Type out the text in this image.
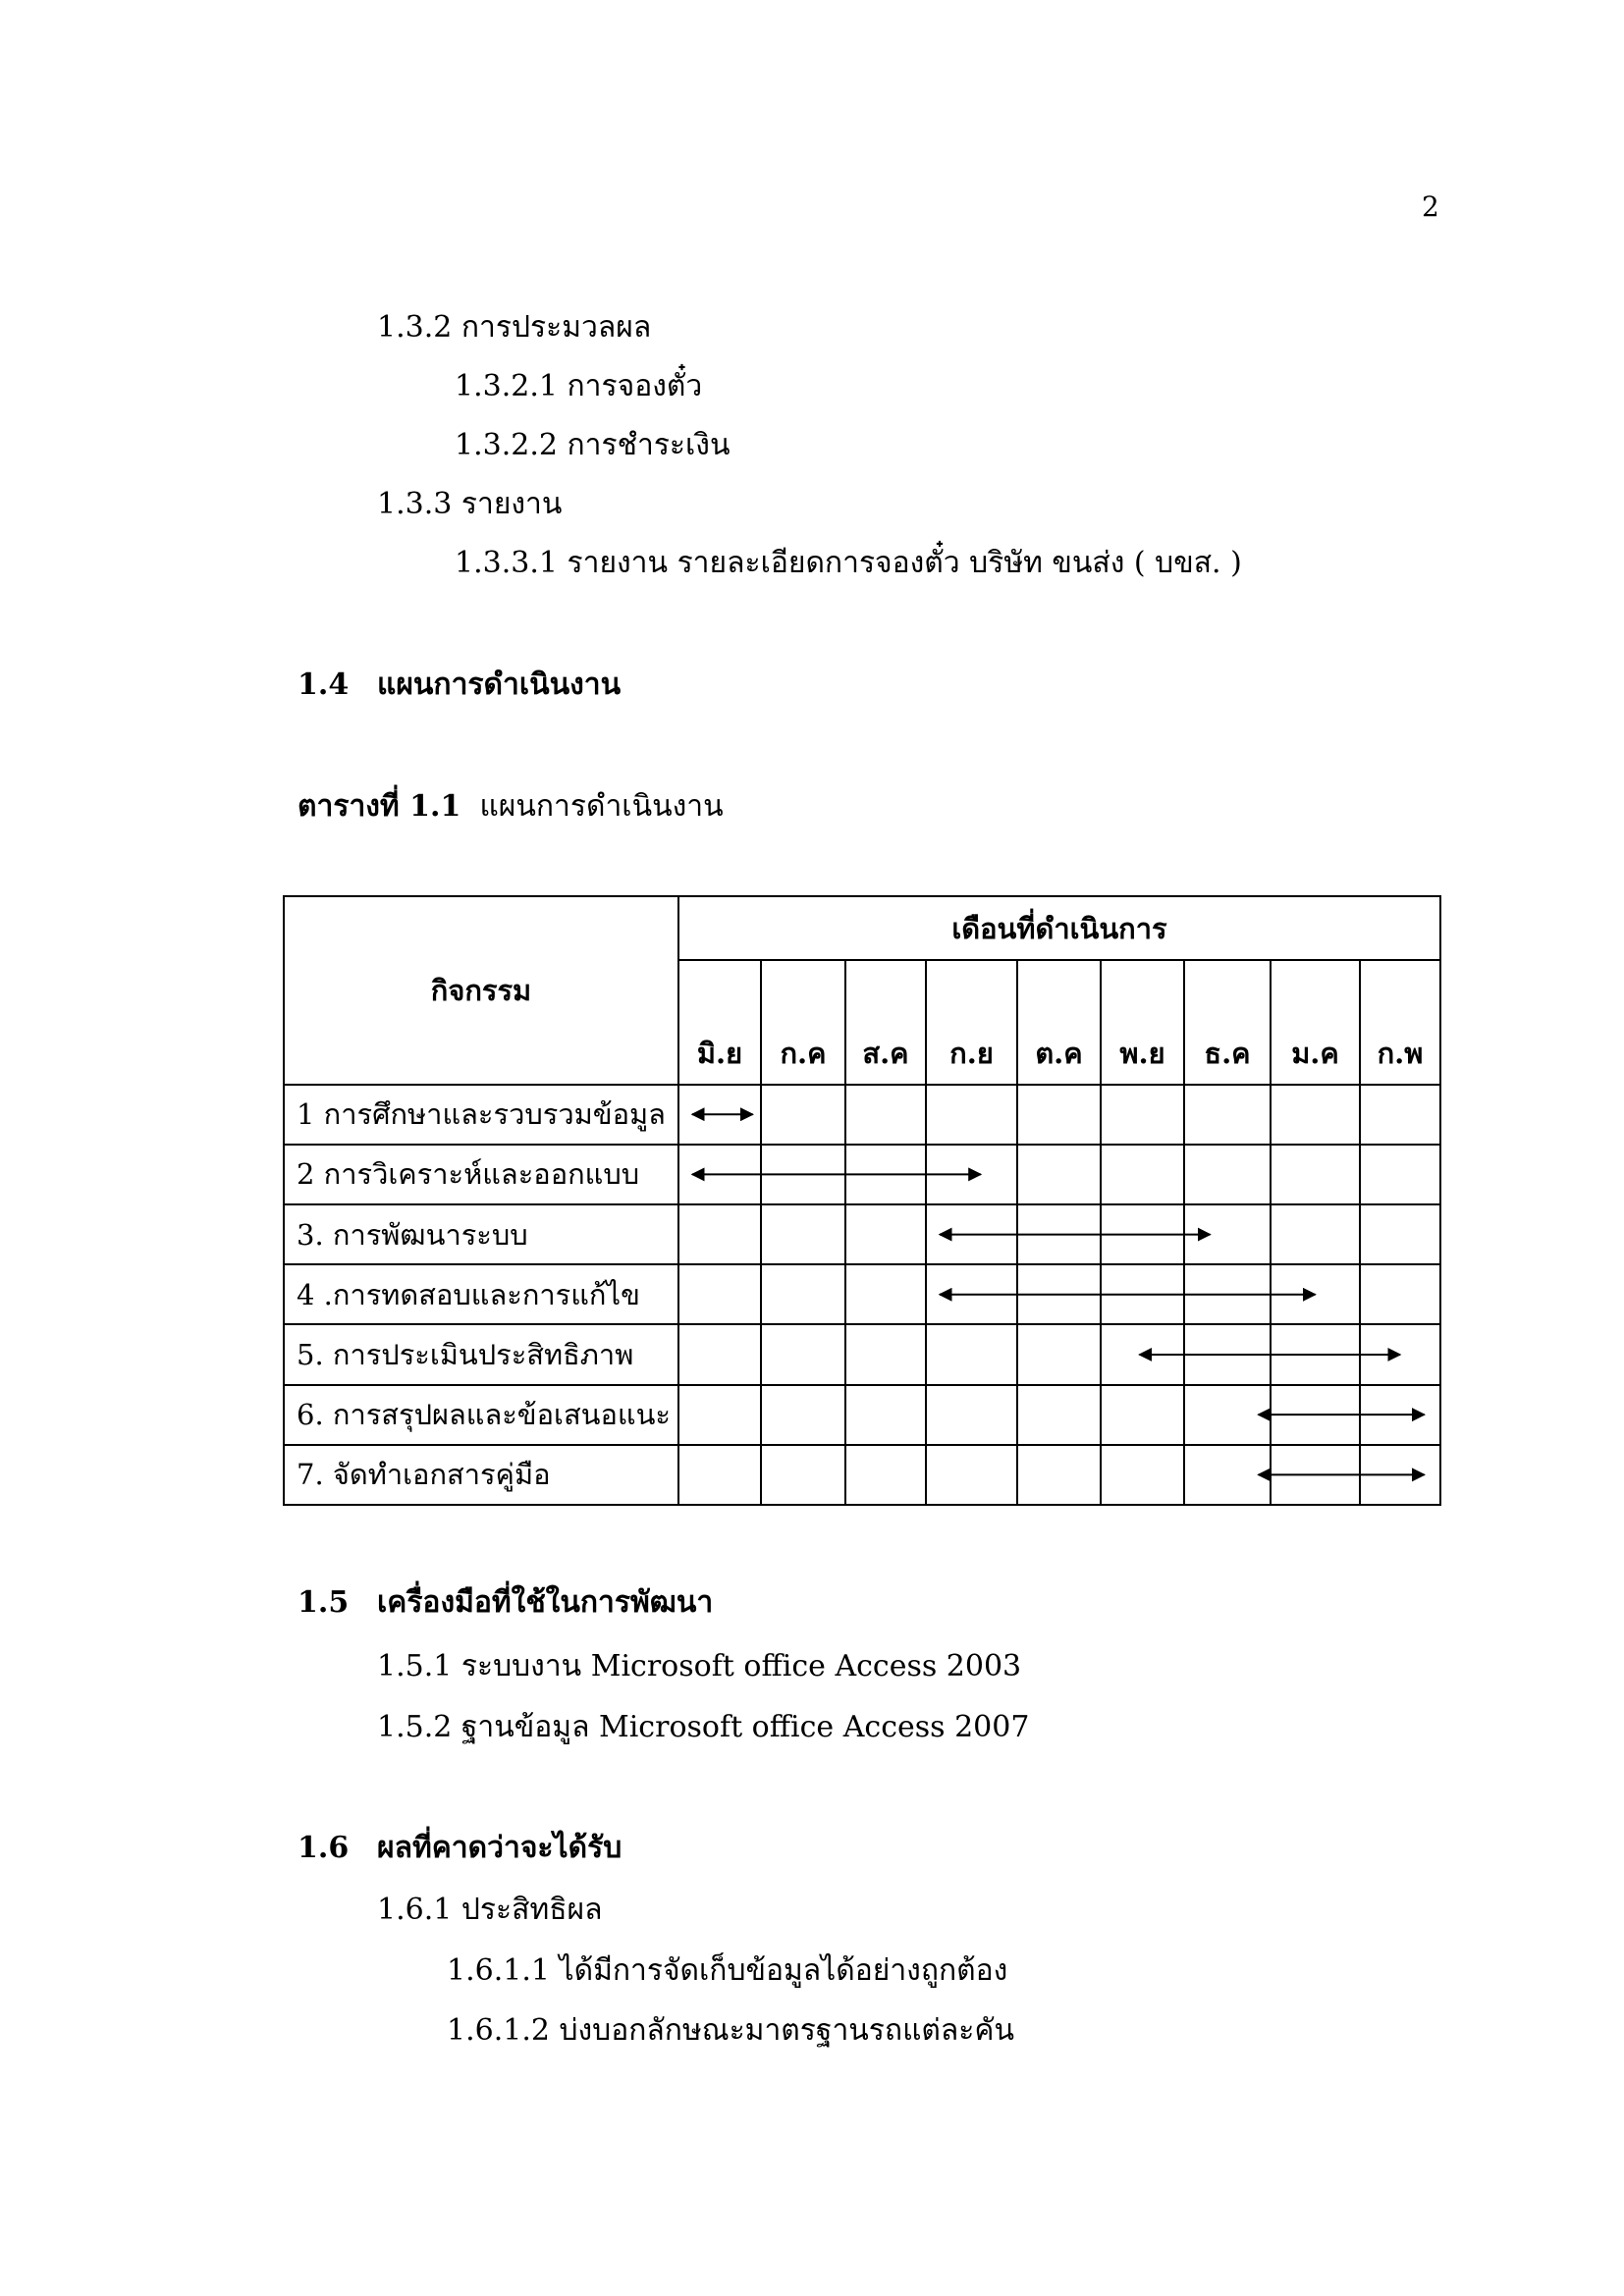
2
1.3.2 การประมวลผล
1.3.2.1 การจองตั๋ว
1.3.2.2 การชำระเงิน
1.3.3 รายงาน
1.3.3.1 รายงาน รายละเอียดการจองตั๋ว บริษัท ขนส่ง ( บขส. )
1.4 แผนการดำเนินงาน
ตารางที่ 1.1 แผนการดำเนินงาน
กิจกรรม	เดือนที่ดำเนินการ								
	มิ.ย	ก.ค	ส.ค	ก.ย	ต.ค	พ.ย	ธ.ค	ม.ค	ก.พ
1 การศึกษาและรวบรวมข้อมูล									
2 การวิเคราะห์และออกแบบ									
3. การพัฒนาระบบ									
4 .การทดสอบและการแก้ไข									
5. การประเมินประสิทธิภาพ									
6. การสรุปผลและข้อเสนอแนะ									
7. จัดทำเอกสารคู่มือ									
1.5 เครื่องมือที่ใช้ในการพัฒนา
1.5.1 ระบบงาน Microsoft office Access 2003
1.5.2 ฐานข้อมูล Microsoft office Access 2007
1.6 ผลที่คาดว่าจะได้รับ
1.6.1 ประสิทธิผล
1.6.1.1 ได้มีการจัดเก็บข้อมูลได้อย่างถูกต้อง
1.6.1.2 บ่งบอกลักษณะมาตรฐานรถแต่ละคัน
